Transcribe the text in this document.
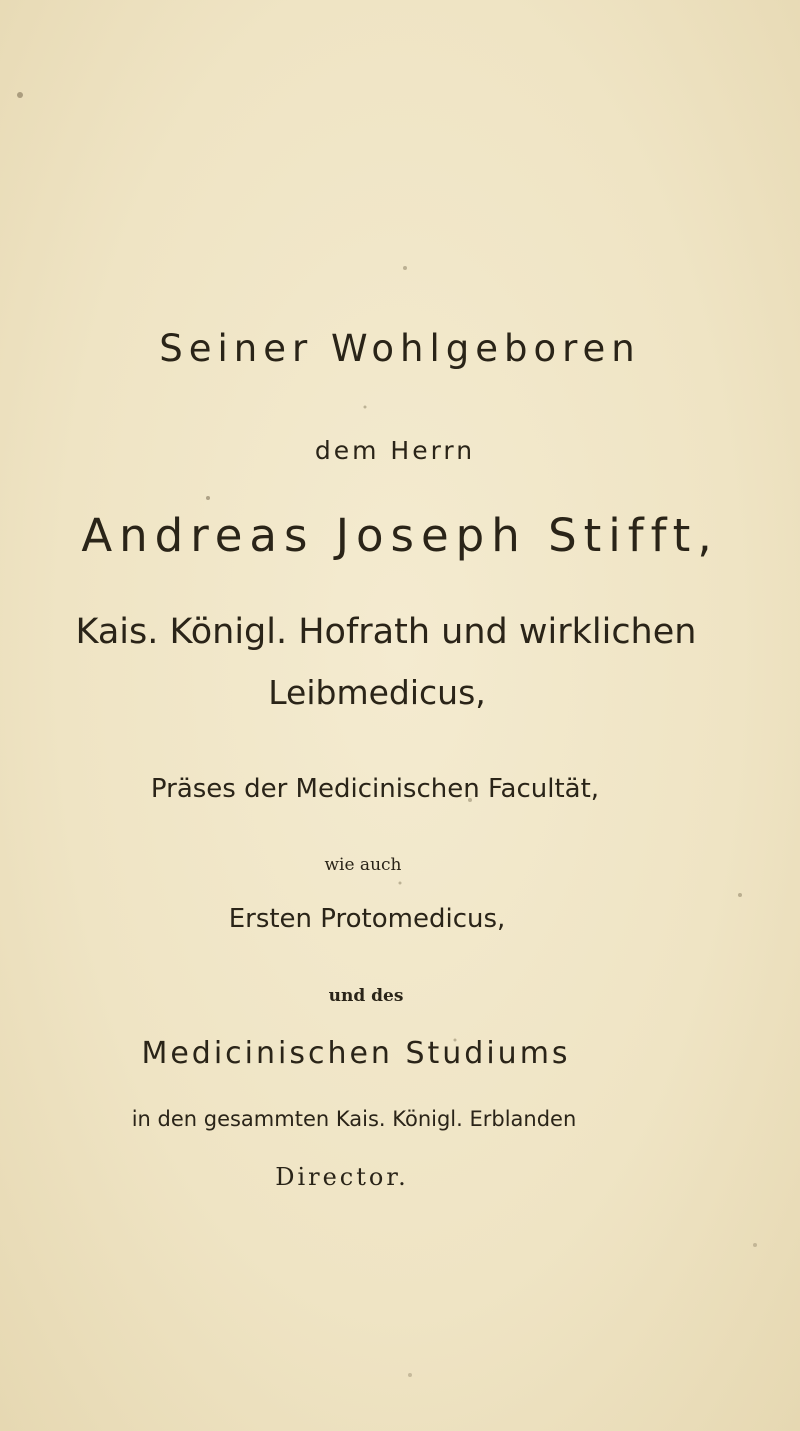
Seiner Wohlgeboren
dem Herrn
Andreas Joseph Stifft,
Kais. Königl. Hofrath und wirklichen
Leibmedicus,
Präses der Medicinischen Facultät,
wie auch
Ersten Protomedicus,
und des
Medicinischen Studiums
in den gesammten Kais. Königl. Erblanden
Director.
